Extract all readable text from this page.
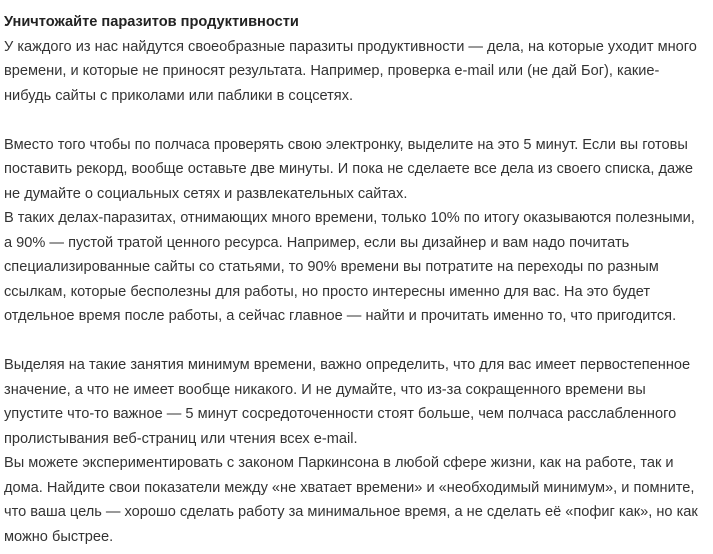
Уничтожайте паразитов продуктивности
У каждого из нас найдутся своеобразные паразиты продуктивности — дела, на которые уходит много
времени, и которые не приносят результата. Например, проверка e-mail или (не дай Бог), какие-
нибудь сайты с приколами или паблики в соцсетях.
Вместо того чтобы по полчаса проверять свою электронку, выделите на это 5 минут. Если вы готовы
поставить рекорд, вообще оставьте две минуты. И пока не сделаете все дела из своего списка, даже
не думайте о социальных сетях и развлекательных сайтах.
В таких делах-паразитах, отнимающих много времени, только 10% по итогу оказываются полезными,
а 90% — пустой тратой ценного ресурса. Например, если вы дизайнер и вам надо почитать
специализированные сайты со статьями, то 90% времени вы потратите на переходы по разным
ссылкам, которые бесполезны для работы, но просто интересны именно для вас. На это будет
отдельное время после работы, а сейчас главное — найти и прочитать именно то, что пригодится.
Выделяя на такие занятия минимум времени, важно определить, что для вас имеет первостепенное
значение, а что не имеет вообще никакого. И не думайте, что из-за сокращенного времени вы
упустите что-то важное — 5 минут сосредоточенности стоят больше, чем полчаса расслабленного
пролистывания веб-страниц или чтения всех e-mail.
Вы можете экспериментировать с законом Паркинсона в любой сфере жизни, как на работе, так и
дома. Найдите свои показатели между «не хватает времени» и «необходимый минимум», и помните,
что ваша цель — хорошо сделать работу за минимальное время, а не сделать её «пофиг как», но как
можно быстрее.
